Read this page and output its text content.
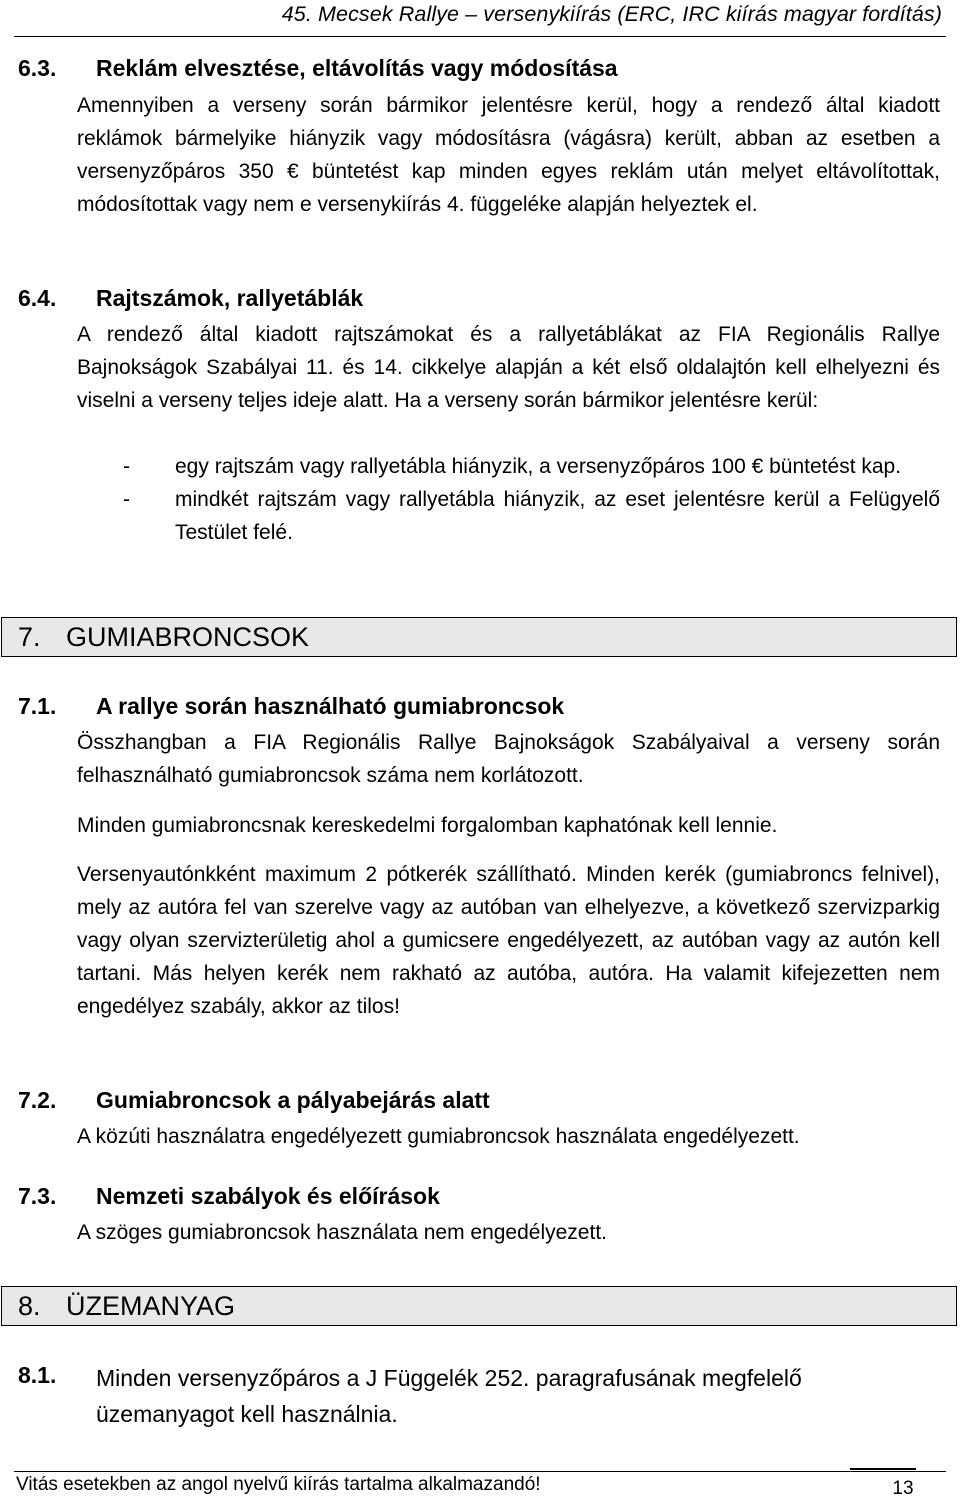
45. Mecsek Rallye – versenykiírás (ERC, IRC kiírás magyar fordítás)
6.3. Reklám elvesztése, eltávolítás vagy módosítása

Amennyiben a verseny során bármikor jelentésre kerül, hogy a rendező által kiadott reklámok bármelyike hiányzik vagy módosításra (vágásra) került, abban az esetben a versenyzőpáros 350 € büntetést kap minden egyes reklám után melyet eltávolítottak, módosítottak vagy nem e versenykiírás 4. függeléke alapján helyeztek el.

6.4. Rajtszámok, rallyetáblák

A rendező által kiadott rajtszámokat és a rallyetáblákat az FIA Regionális Rallye Bajnokságok Szabályai 11. és 14. cikkelye alapján a két első oldalajtón kell elhelyezni és viselni a verseny teljes ideje alatt. Ha a verseny során bármikor jelentésre kerül:

- egy rajtszám vagy rallyetábla hiányzik, a versenyzőpáros 100 € büntetést kap.
- mindkét rajtszám vagy rallyetábla hiányzik, az eset jelentésre kerül a Felügyelő Testület felé.
7. GUMIABRONCSOK
7.1. A rallye során használható gumiabroncsok

Összhangban a FIA Regionális Rallye Bajnokságok Szabályaival a verseny során felhasználható gumiabroncsok száma nem korlátozott.

Minden gumiabroncsnak kereskedelmi forgalomban kaphatónak kell lennie.

Versenyautónkként maximum 2 pótkerék szállítható. Minden kerék (gumiabroncs felnivel), mely az autóra fel van szerelve vagy az autóban van elhelyezve, a következő szervizparkig vagy olyan szervizterületig ahol a gumicsere engedélyezett, az autóban vagy az autón kell tartani. Más helyen kerék nem rakható az autóba, autóra. Ha valamit kifejezetten nem engedélyez szabály, akkor az tilos!

7.2. Gumiabroncsok a pályabejárás alatt

A közúti használatra engedélyezett gumiabroncsok használata engedélyezett.

7.3. Nemzeti szabályok és előírások

A szöges gumiabroncsok használata nem engedélyezett.

8. ÜZEMANYAG
8.1.	Minden versenyzőpáros a J Függelék 252. paragrafusának megfelelő üzemanyagot kell használnia.

Vitás esetekben az angol nyelvű kiírás tartalma alkalmazandó!	13
